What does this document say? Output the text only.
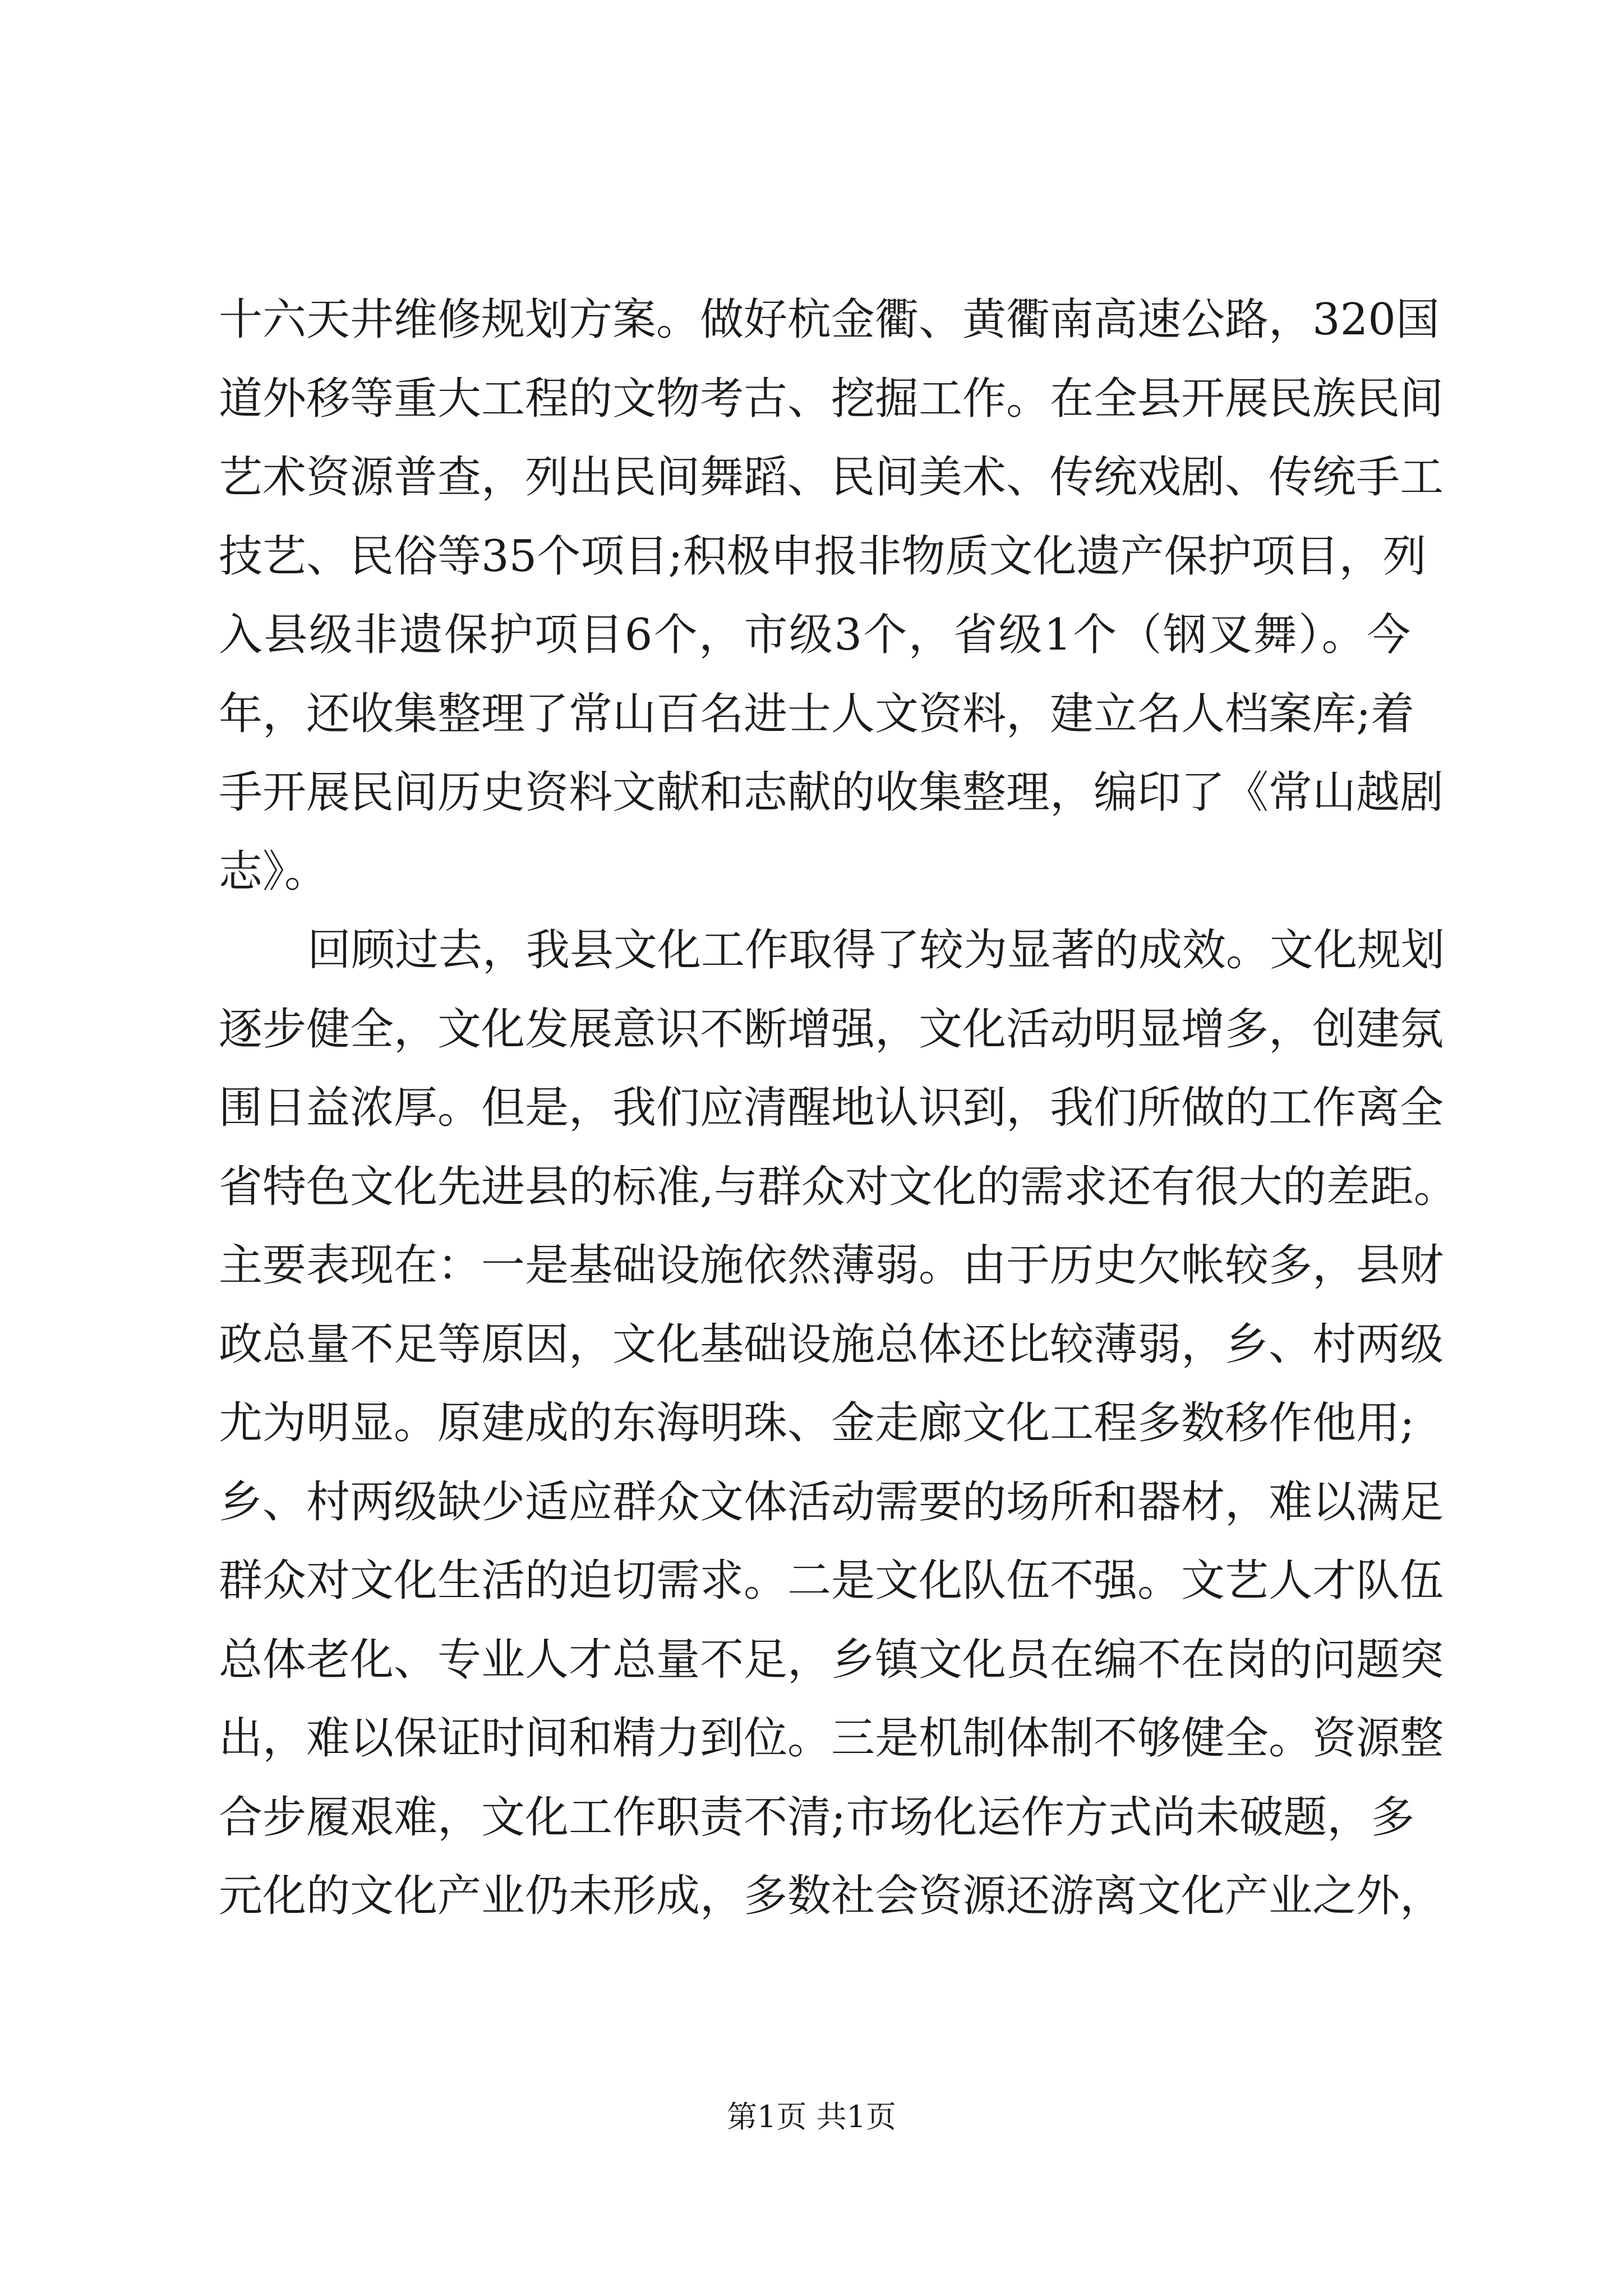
十六天井维修规划方案。做好杭金衢、黄衢南高速公路，320国
道外移等重大工程的文物考古、挖掘工作。在全县开展民族民间
艺术资源普查，列出民间舞蹈、民间美术、传统戏剧、传统手工
技艺、民俗等35个项目;积极申报非物质文化遗产保护项目，列
入县级非遗保护项目6个，市级3个，省级1个（钢叉舞）。今
年，还收集整理了常山百名进士人文资料，建立名人档案库;着
手开展民间历史资料文献和志献的收集整理，编印了《常山越剧
志》。
回顾过去，我县文化工作取得了较为显著的成效。文化规划
逐步健全，文化发展意识不断增强，文化活动明显增多，创建氛
围日益浓厚。但是，我们应清醒地认识到，我们所做的工作离全
省特色文化先进县的标准,与群众对文化的需求还有很大的差距。
主要表现在：一是基础设施依然薄弱。由于历史欠帐较多，县财
政总量不足等原因，文化基础设施总体还比较薄弱，乡、村两级
尤为明显。原建成的东海明珠、金走廊文化工程多数移作他用;
乡、村两级缺少适应群众文体活动需要的场所和器材，难以满足
群众对文化生活的迫切需求。二是文化队伍不强。文艺人才队伍
总体老化、专业人才总量不足，乡镇文化员在编不在岗的问题突
出，难以保证时间和精力到位。三是机制体制不够健全。资源整
合步履艰难，文化工作职责不清;市场化运作方式尚未破题，多
元化的文化产业仍未形成，多数社会资源还游离文化产业之外，
第1页 共1页
